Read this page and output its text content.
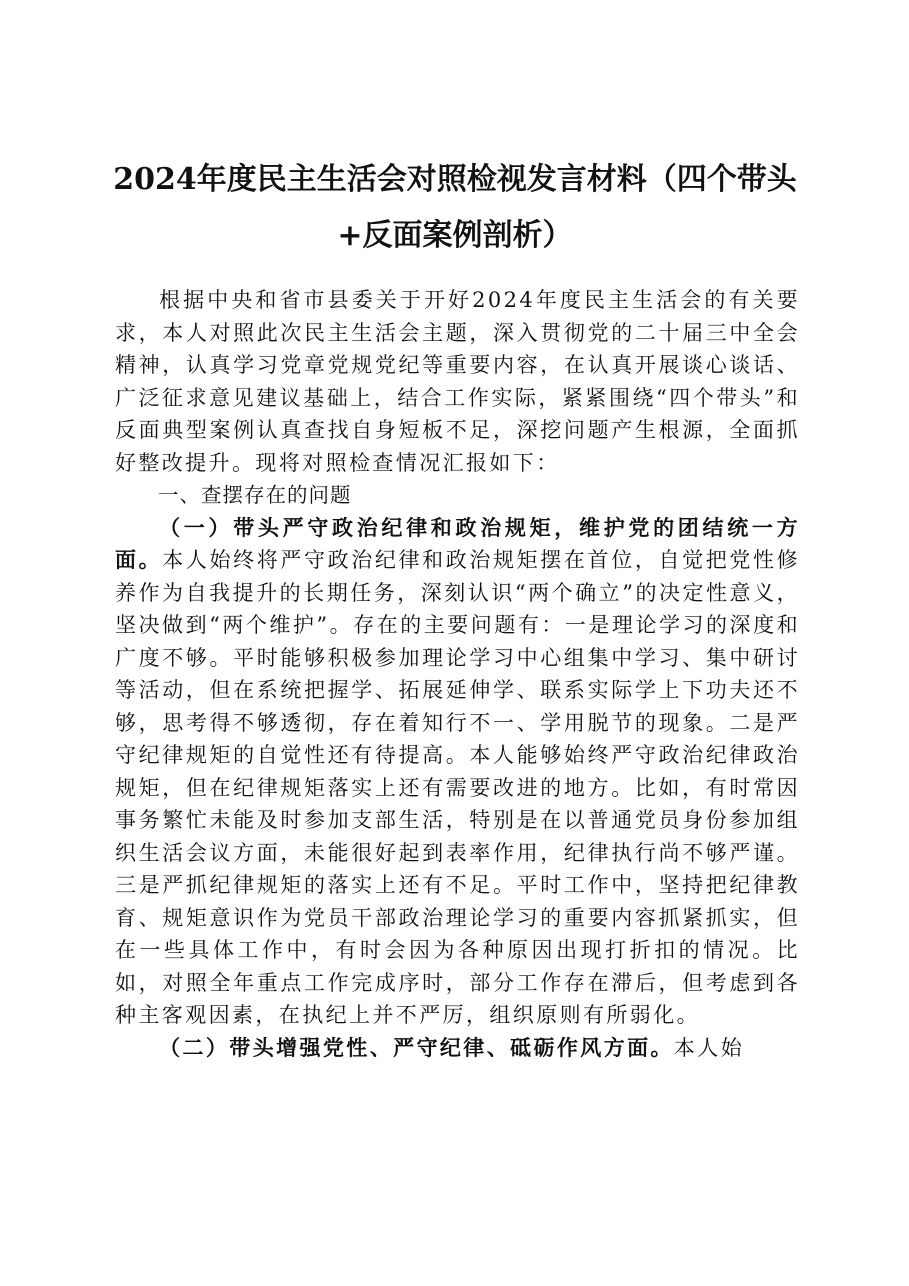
2024年度民主生活会对照检视发言材料（四个带头+反面案例剖析）

根据中央和省市县委关于开好2024年度民主生活会的有关要求，本人对照此次民主生活会主题，深入贯彻党的二十届三中全会精神，认真学习党章党规党纪等重要内容，在认真开展谈心谈话、广泛征求意见建议基础上，结合工作实际，紧紧围绕“四个带头”和反面典型案例认真查找自身短板不足，深挖问题产生根源，全面抓好整改提升。现将对照检查情况汇报如下：

一、查摆存在的问题

（一）带头严守政治纪律和政治规矩，维护党的团结统一方面。本人始终将严守政治纪律和政治规矩摆在首位，自觉把党性修养作为自我提升的长期任务，深刻认识“两个确立”的决定性意义，坚决做到“两个维护”。存在的主要问题有：一是理论学习的深度和广度不够。平时能够积极参加理论学习中心组集中学习、集中研讨等活动，但在系统把握学、拓展延伸学、联系实际学上下功夫还不够，思考得不够透彻，存在着知行不一、学用脱节的现象。二是严守纪律规矩的自觉性还有待提高。本人能够始终严守政治纪律政治规矩，但在纪律规矩落实上还有需要改进的地方。比如，有时常因事务繁忙未能及时参加支部生活，特别是在以普通党员身份参加组织生活会议方面，未能很好起到表率作用，纪律执行尚不够严谨。三是严抓纪律规矩的落实上还有不足。平时工作中，坚持把纪律教育、规矩意识作为党员干部政治理论学习的重要内容抓紧抓实，但在一些具体工作中，有时会因为各种原因出现打折扣的情况。比如，对照全年重点工作完成序时，部分工作存在滞后，但考虑到各种主客观因素，在执纪上并不严厉，组织原则有所弱化。

（二）带头增强党性、严守纪律、砥砺作风方面。本人始
